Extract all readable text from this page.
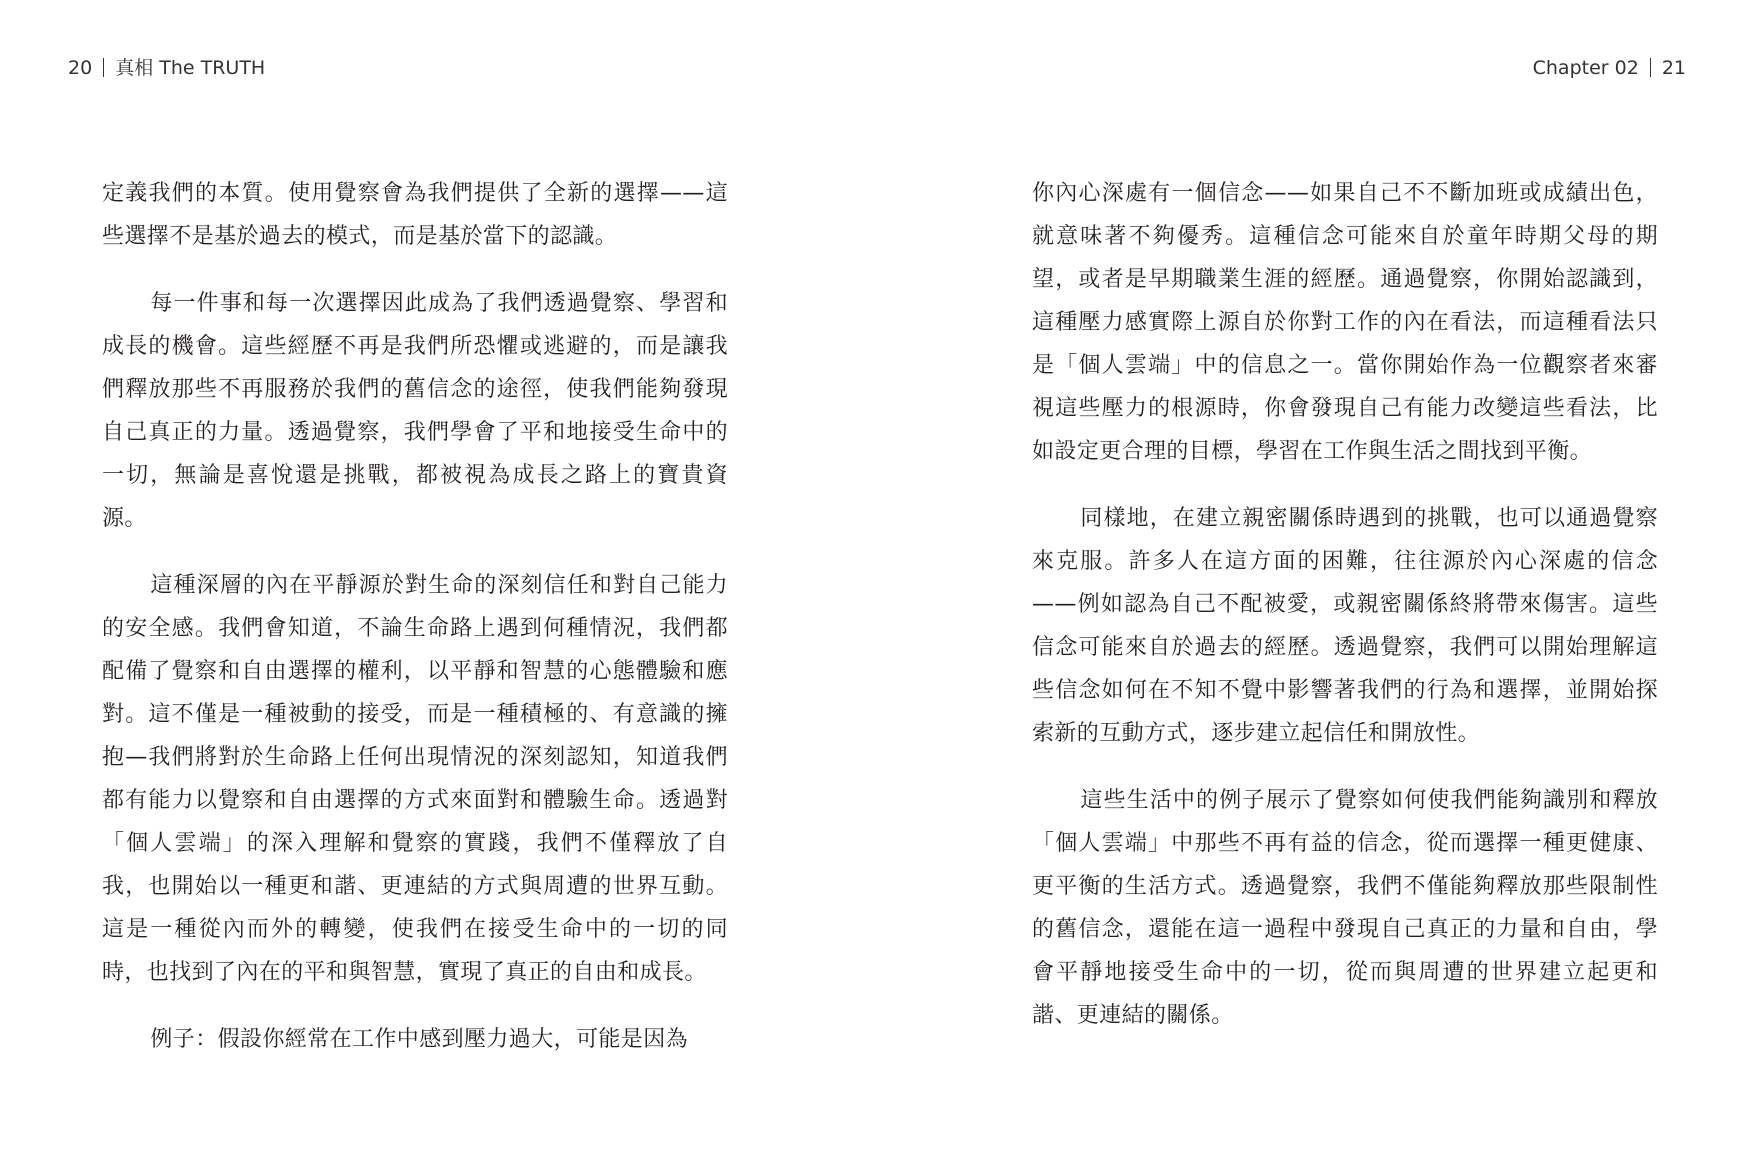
20 真相 The TRUTH	Chapter 02 21

定義我們的本質。使用覺察會為我們提供了全新的選擇——這些選擇不是基於過去的模式，而是基於當下的認識。

每一件事和每一次選擇因此成為了我們透過覺察、學習和成長的機會。這些經歷不再是我們所恐懼或逃避的，而是讓我們釋放那些不再服務於我們的舊信念的途徑，使我們能夠發現自己真正的力量。透過覺察，我們學會了平和地接受生命中的一切，無論是喜悅還是挑戰，都被視為成長之路上的寶貴資源。

這種深層的內在平靜源於對生命的深刻信任和對自己能力的安全感。我們會知道，不論生命路上遇到何種情況，我們都配備了覺察和自由選擇的權利，以平靜和智慧的心態體驗和應對。這不僅是一種被動的接受，而是一種積極的、有意識的擁抱—我們將對於生命路上任何出現情況的深刻認知，知道我們都有能力以覺察和自由選擇的方式來面對和體驗生命。透過對「個人雲端」的深入理解和覺察的實踐，我們不僅釋放了自我，也開始以一種更和諧、更連結的方式與周遭的世界互動。這是一種從內而外的轉變，使我們在接受生命中的一切的同時，也找到了內在的平和與智慧，實現了真正的自由和成長。

例子：假設你經常在工作中感到壓力過大，可能是因為

你內心深處有一個信念——如果自己不不斷加班或成績出色，就意味著不夠優秀。這種信念可能來自於童年時期父母的期望，或者是早期職業生涯的經歷。通過覺察，你開始認識到，這種壓力感實際上源自於你對工作的內在看法，而這種看法只是「個人雲端」中的信息之一。當你開始作為一位觀察者來審視這些壓力的根源時，你會發現自己有能力改變這些看法，比如設定更合理的目標，學習在工作與生活之間找到平衡。

同樣地，在建立親密關係時遇到的挑戰，也可以通過覺察來克服。許多人在這方面的困難，往往源於內心深處的信念——例如認為自己不配被愛，或親密關係終將帶來傷害。這些信念可能來自於過去的經歷。透過覺察，我們可以開始理解這些信念如何在不知不覺中影響著我們的行為和選擇，並開始探索新的互動方式，逐步建立起信任和開放性。

這些生活中的例子展示了覺察如何使我們能夠識別和釋放「個人雲端」中那些不再有益的信念，從而選擇一種更健康、更平衡的生活方式。透過覺察，我們不僅能夠釋放那些限制性的舊信念，還能在這一過程中發現自己真正的力量和自由，學會平靜地接受生命中的一切，從而與周遭的世界建立起更和諧、更連結的關係。
